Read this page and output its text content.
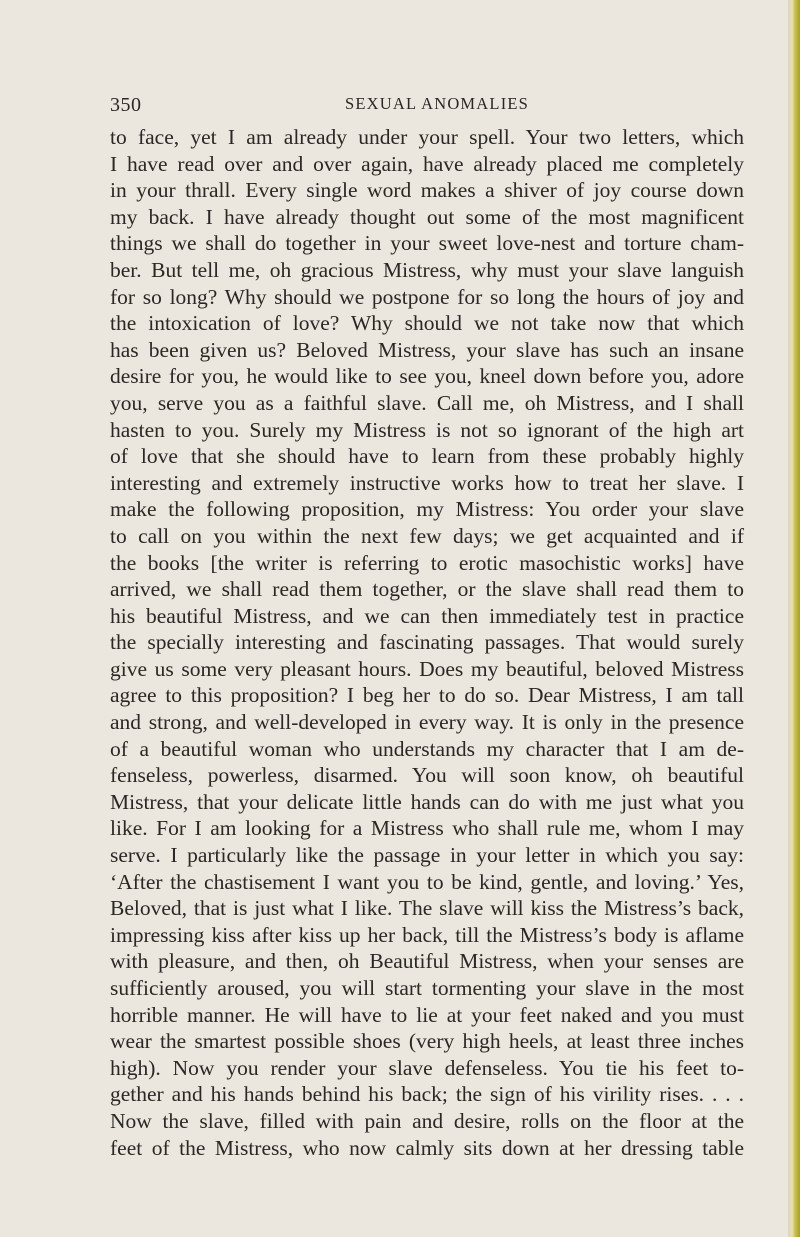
350	SEXUAL ANOMALIES
to face, yet I am already under your spell. Your two letters, which
I have read over and over again, have already placed me completely
in your thrall. Every single word makes a shiver of joy course down
my back. I have already thought out some of the most magnificent
things we shall do together in your sweet love-nest and torture cham-
ber. But tell me, oh gracious Mistress, why must your slave languish
for so long? Why should we postpone for so long the hours of joy and
the intoxication of love? Why should we not take now that which
has been given us? Beloved Mistress, your slave has such an insane
desire for you, he would like to see you, kneel down before you, adore
you, serve you as a faithful slave. Call me, oh Mistress, and I shall
hasten to you. Surely my Mistress is not so ignorant of the high art
of love that she should have to learn from these probably highly
interesting and extremely instructive works how to treat her slave. I
make the following proposition, my Mistress: You order your slave
to call on you within the next few days; we get acquainted and if
the books [the writer is referring to erotic masochistic works] have
arrived, we shall read them together, or the slave shall read them to
his beautiful Mistress, and we can then immediately test in practice
the specially interesting and fascinating passages. That would surely
give us some very pleasant hours. Does my beautiful, beloved Mistress
agree to this proposition? I beg her to do so. Dear Mistress, I am tall
and strong, and well-developed in every way. It is only in the presence
of a beautiful woman who understands my character that I am de-
fenseless, powerless, disarmed. You will soon know, oh beautiful
Mistress, that your delicate little hands can do with me just what you
like. For I am looking for a Mistress who shall rule me, whom I may
serve. I particularly like the passage in your letter in which you say:
‘After the chastisement I want you to be kind, gentle, and loving.’ Yes,
Beloved, that is just what I like. The slave will kiss the Mistress’s back,
impressing kiss after kiss up her back, till the Mistress’s body is aflame
with pleasure, and then, oh Beautiful Mistress, when your senses are
sufficiently aroused, you will start tormenting your slave in the most
horrible manner. He will have to lie at your feet naked and you must
wear the smartest possible shoes (very high heels, at least three inches
high). Now you render your slave defenseless. You tie his feet to-
gether and his hands behind his back; the sign of his virility rises. . . .
Now the slave, filled with pain and desire, rolls on the floor at the
feet of the Mistress, who now calmly sits down at her dressing table
